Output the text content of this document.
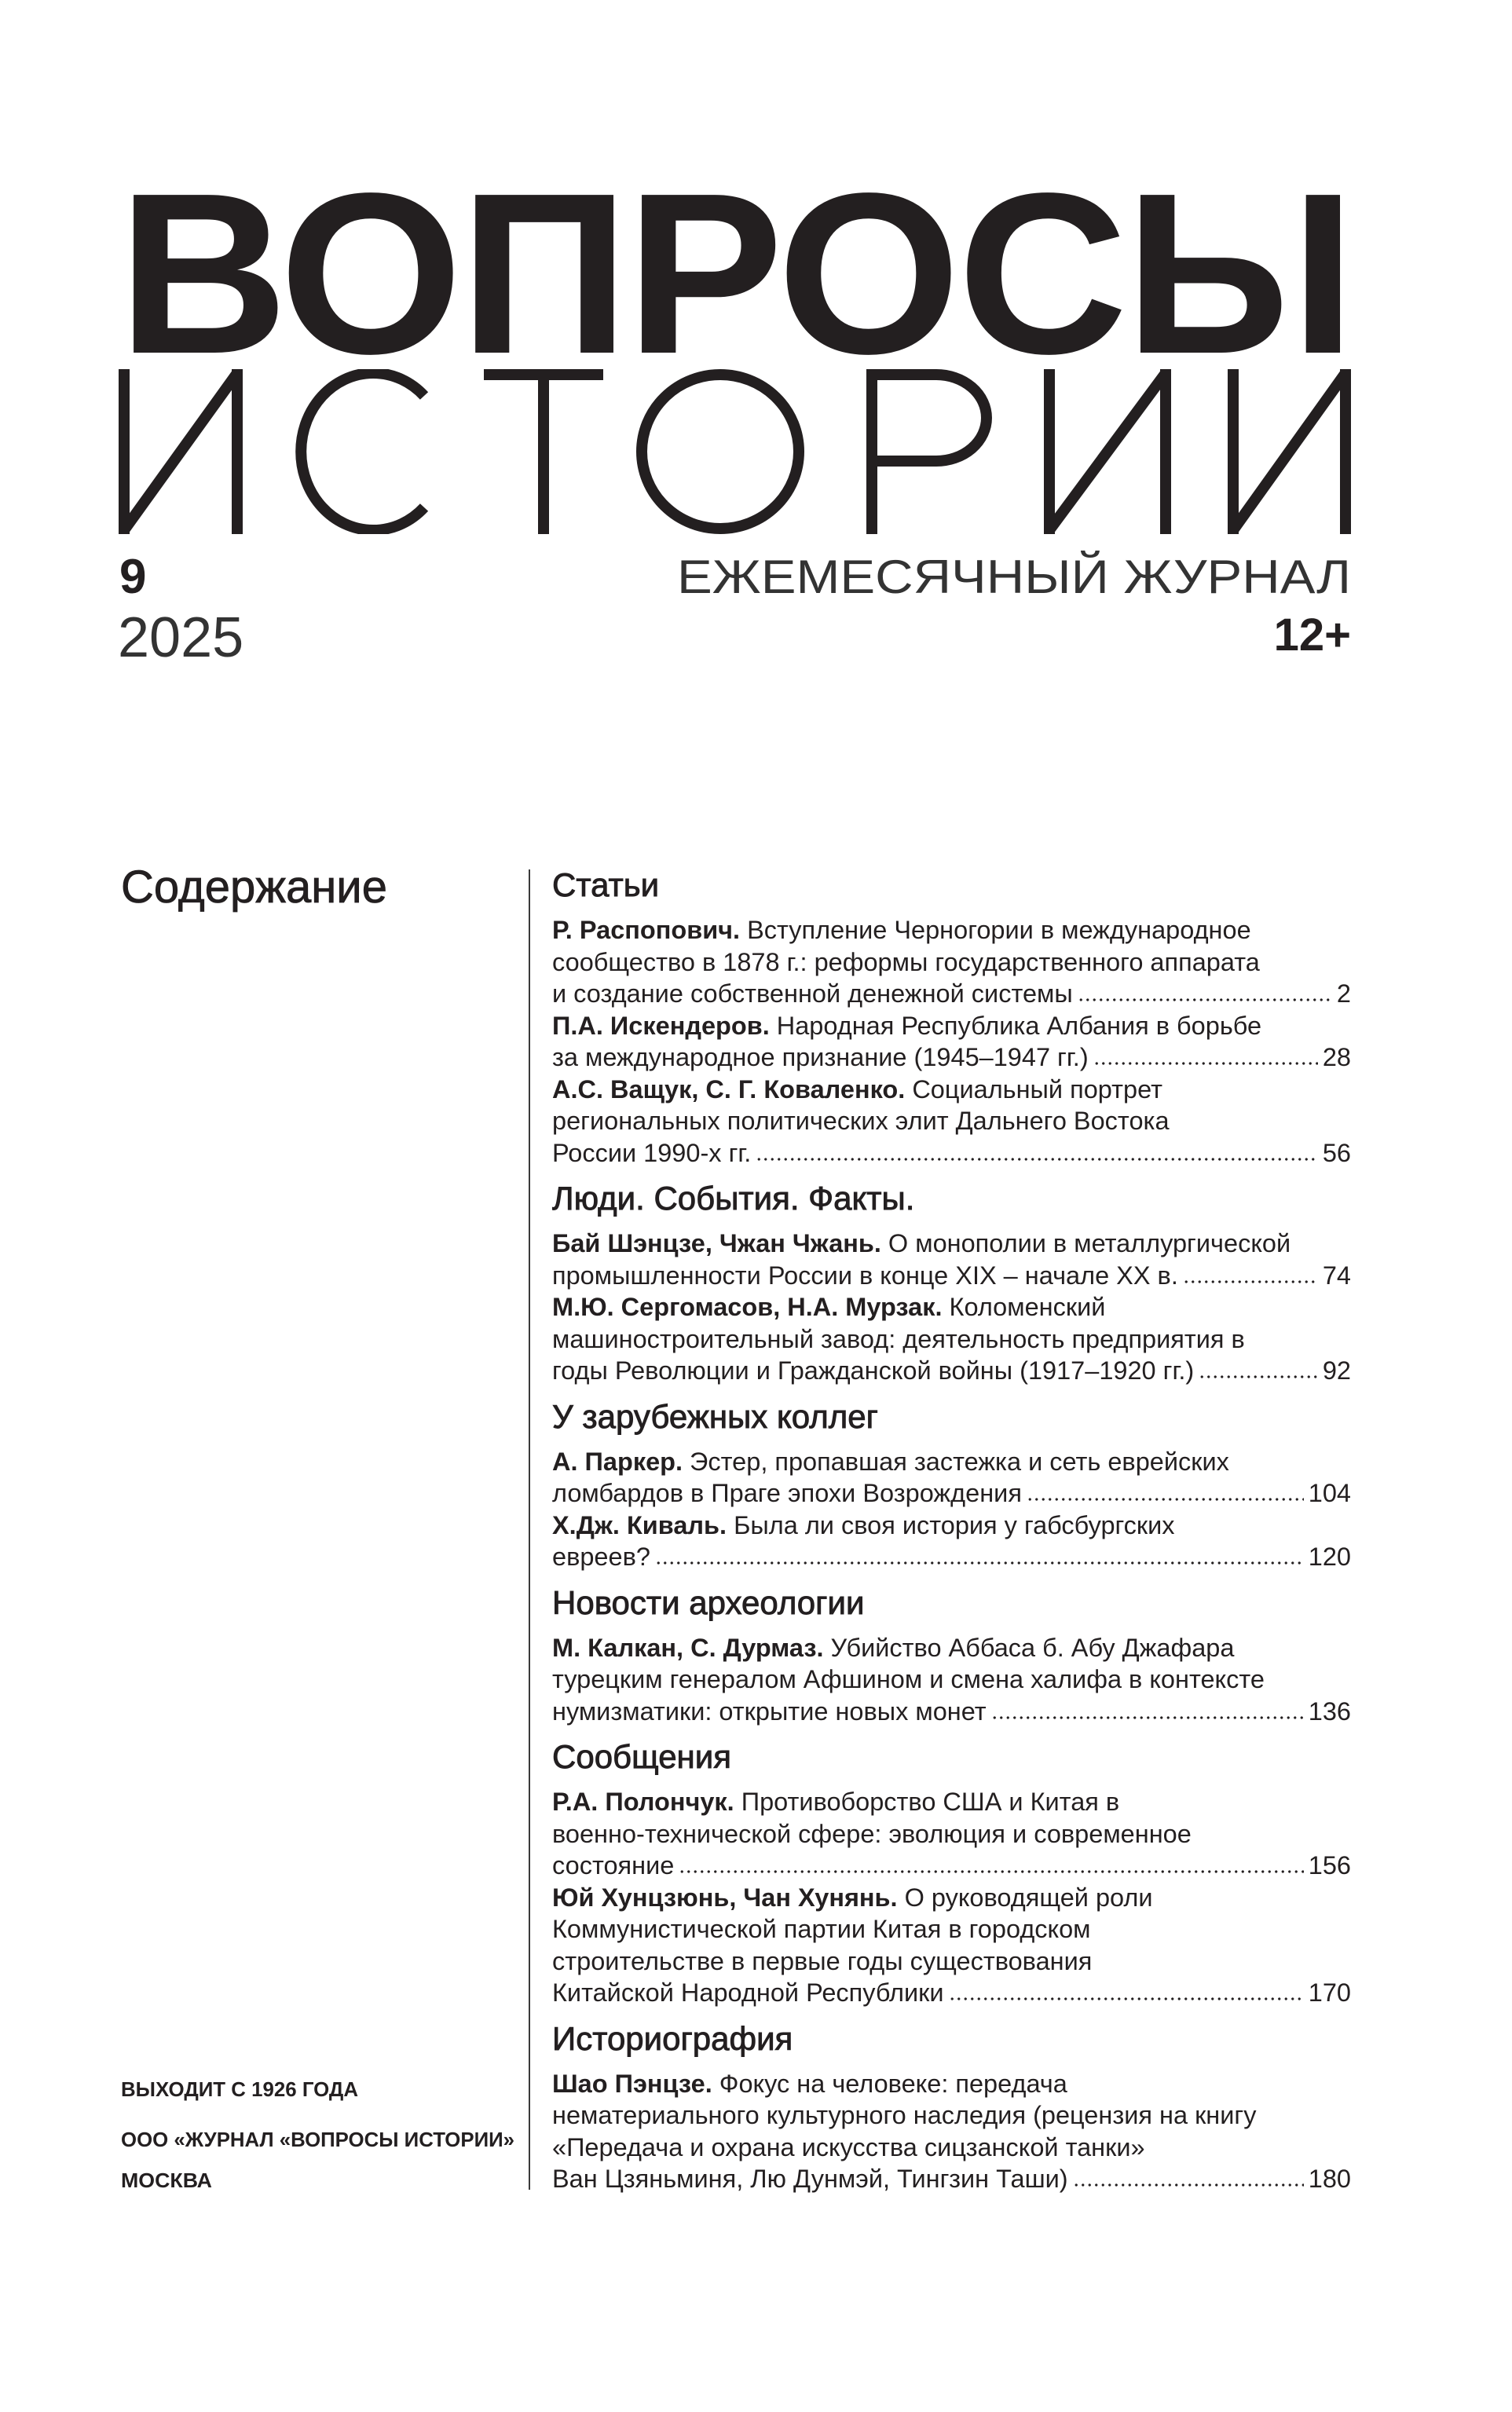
ВОПРОСЫ
9
2025
ЕЖЕМЕСЯЧНЫЙ ЖУРНАЛ
12+
Содержание	Статьи
Р. Распопович. Вступление Черногории в международное
сообщество в 1878 г.: реформы государственного аппарата
и создание собственной денежной системы	2
П.А. Искендеров. Народная Республика Албания в борьбе
за международное признание (1945–1947 гг.)	28
А.С. Ващук, С. Г. Коваленко. Социальный портрет
региональных политических элит Дальнего Востока
России 1990-х гг.	56
Люди. События. Факты.
Бай Шэнцзе, Чжан Чжань. О монополии в металлургической
промышленности России в конце XIX – начале XX в.	74
М.Ю. Сергомасов, Н.А. Мурзак. Коломенский
машиностроительный завод: деятельность предприятия в
годы Революции и Гражданской войны (1917–1920 гг.)	92
У зарубежных коллег
А. Паркер. Эстер, пропавшая застежка и сеть еврейских
ломбардов в Праге эпохи Возрождения	104
Х.Дж. Киваль. Была ли своя история у габсбургских
евреев?	120
Новости археологии
М. Калкан, С. Дурмаз. Убийство Аббаса б. Абу Джафара
турецким генералом Афшином и смена халифа в контексте
нумизматики: открытие новых монет	136
Сообщения
Р.А. Полончук. Противоборство США и Китая в
военно-технической сфере: эволюция и современное
состояние	156
Юй Хунцзюнь, Чан Хунянь. О руководящей роли
Коммунистической партии Китая в городском
строительстве в первые годы существования
Китайской Народной Республики	170
Историография
Шао Пэнцзе. Фокус на человеке: передача
нематериального культурного наследия (рецензия на книгу
«Передача и охрана искусства сицзанской танки»
Ван Цзяньминя, Лю Дунмэй, Тингзин Таши)	180
ВЫХОДИТ С 1926 ГОДА
ООО «ЖУРНАЛ «ВОПРОСЫ ИСТОРИИ»
МОСКВА
